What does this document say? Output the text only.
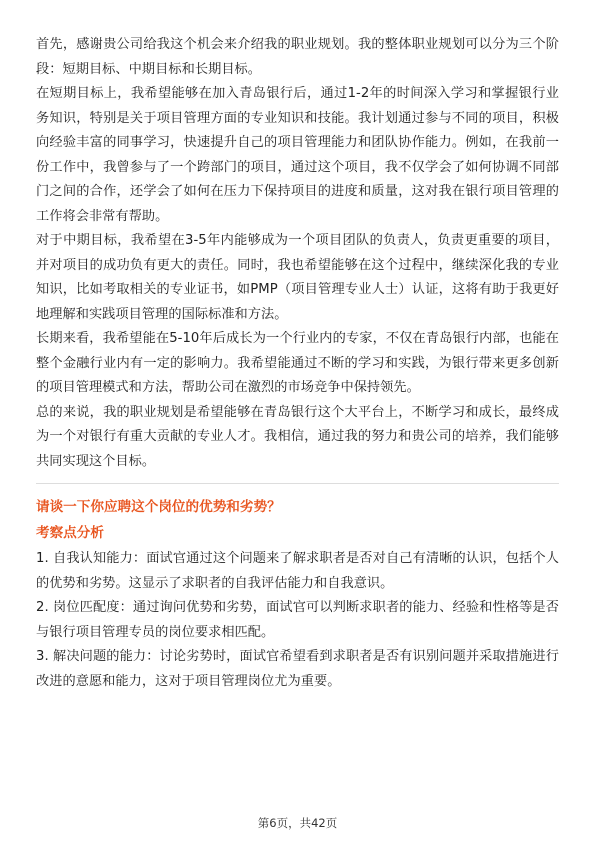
首先，感谢贵公司给我这个机会来介绍我的职业规划。我的整体职业规划可以分为三个阶段：短期目标、中期目标和长期目标。

在短期目标上，我希望能够在加入青岛银行后，通过1-2年的时间深入学习和掌握银行业务知识，特别是关于项目管理方面的专业知识和技能。我计划通过参与不同的项目，积极向经验丰富的同事学习，快速提升自己的项目管理能力和团队协作能力。例如，在我前一份工作中，我曾参与了一个跨部门的项目，通过这个项目，我不仅学会了如何协调不同部门之间的合作，还学会了如何在压力下保持项目的进度和质量，这对我在银行项目管理的工作将会非常有帮助。

对于中期目标，我希望在3-5年内能够成为一个项目团队的负责人，负责更重要的项目，并对项目的成功负有更大的责任。同时，我也希望能够在这个过程中，继续深化我的专业知识，比如考取相关的专业证书，如PMP（项目管理专业人士）认证，这将有助于我更好地理解和实践项目管理的国际标准和方法。

长期来看，我希望能在5-10年后成长为一个行业内的专家，不仅在青岛银行内部，也能在整个金融行业内有一定的影响力。我希望能通过不断的学习和实践，为银行带来更多创新的项目管理模式和方法，帮助公司在激烈的市场竞争中保持领先。

总的来说，我的职业规划是希望能够在青岛银行这个大平台上，不断学习和成长，最终成为一个对银行有重大贡献的专业人才。我相信，通过我的努力和贵公司的培养，我们能够共同实现这个目标。

请谈一下你应聘这个岗位的优势和劣势？

考察点分析

1. 自我认知能力：面试官通过这个问题来了解求职者是否对自己有清晰的认识，包括个人的优势和劣势。这显示了求职者的自我评估能力和自我意识。

2. 岗位匹配度：通过询问优势和劣势，面试官可以判断求职者的能力、经验和性格等是否与银行项目管理专员的岗位要求相匹配。

3. 解决问题的能力：讨论劣势时，面试官希望看到求职者是否有识别问题并采取措施进行改进的意愿和能力，这对于项目管理岗位尤为重要。

第6页，共42页
